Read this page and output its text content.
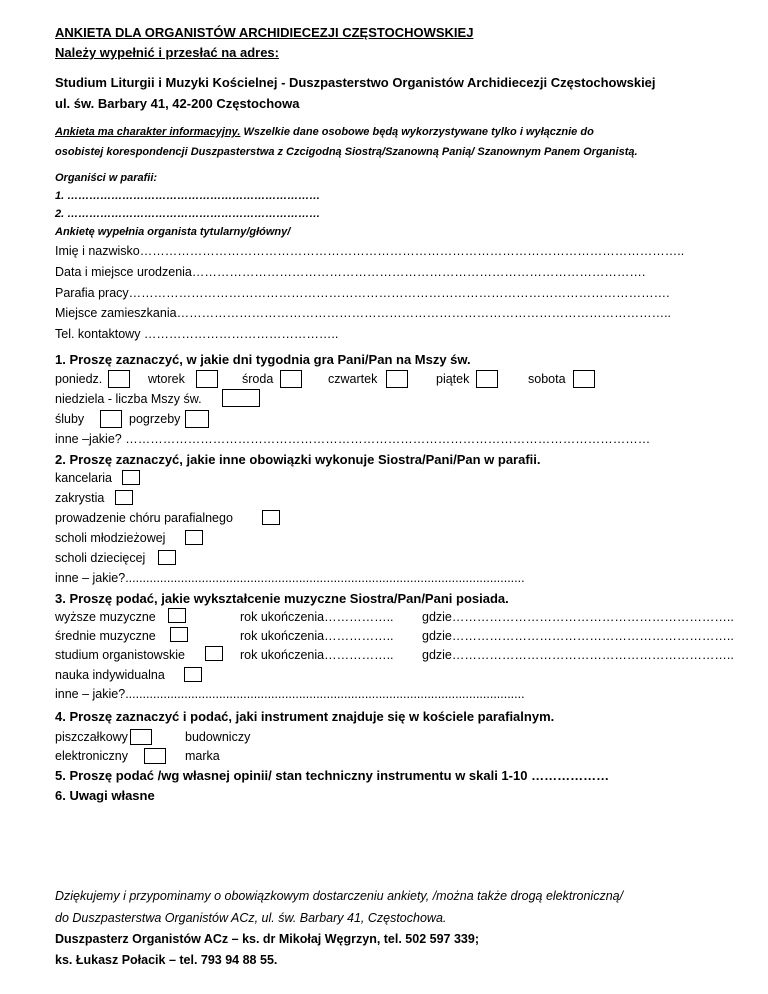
ANKIETA DLA ORGANISTÓW ARCHIDIECEZJI CZĘSTOCHOWSKIEJ
Należy wypełnić i przesłać na adres:
Studium Liturgii i Muzyki Kościelnej - Duszpasterstwo Organistów Archidiecezji Częstochowskiej
ul. św. Barbary 41, 42-200 Częstochowa
Ankieta ma charakter informacyjny. Wszelkie dane osobowe będą wykorzystywane tylko i wyłącznie do
osobistej korespondencji Duszpasterstwa z Czcigodną Siostrą/Szanowną Panią/ Szanownym Panem Organistą.
Organiści w parafii:
1. ……………………………………………………………
2. ……………………………………………………………
Ankietę wypełnia organista tytularny/główny/
Imię i nazwisko…………………………………………………………………………………………………………………..
Data i miejsce urodzenia……………………………………………………………………………………………….
Parafia pracy………………………………………………………………………………………………………………….
Miejsce zamieszkania………………………………………………………………………………………………………..
Tel. kontaktowy ………………………………………..
1. Proszę zaznaczyć, w jakie dni tygodnia gra Pani/Pan na Mszy św.
poniedz.	wtorek	środa	czwartek	piątek	sobota
niedziela - liczba Mszy św.
śluby	pogrzeby
inne –jakie? ………………………………………………………………………………………………………………
2. Proszę zaznaczyć, jakie inne obowiązki wykonuje Siostra/Pani/Pan w parafii.
kancelaria
zakrystia
prowadzenie chóru parafialnego
scholi młodzieżowej
scholi dziecięcej
inne – jakie?...................................................................................................................
3. Proszę podać, jakie wykształcenie muzyczne Siostra/Pan/Pani posiada.
wyższe muzyczne	rok ukończenia…………….. gdzie…………………………………………………………..
średnie muzyczne	rok ukończenia…………….. gdzie…………………………………………………………..
studium organistowskie	rok ukończenia…………….. gdzie…………………………………………………………..
nauka indywidualna
inne – jakie?...................................................................................................................
4. Proszę zaznaczyć i podać, jaki instrument znajduje się w kościele parafialnym.
piszczałkowy	budowniczy
elektroniczny	marka
5. Proszę podać /wg własnej opinii/ stan techniczny instrumentu w skali 1-10 ………………
6. Uwagi własne
Dziękujemy i przypominamy o obowiązkowym dostarczeniu ankiety, /można także drogą elektroniczną/
do Duszpasterstwa Organistów ACz, ul. św. Barbary 41, Częstochowa.
Duszpasterz Organistów ACz – ks. dr Mikołaj Węgrzyn, tel. 502 597 339;
ks. Łukasz Połacik – tel. 793 94 88 55.
